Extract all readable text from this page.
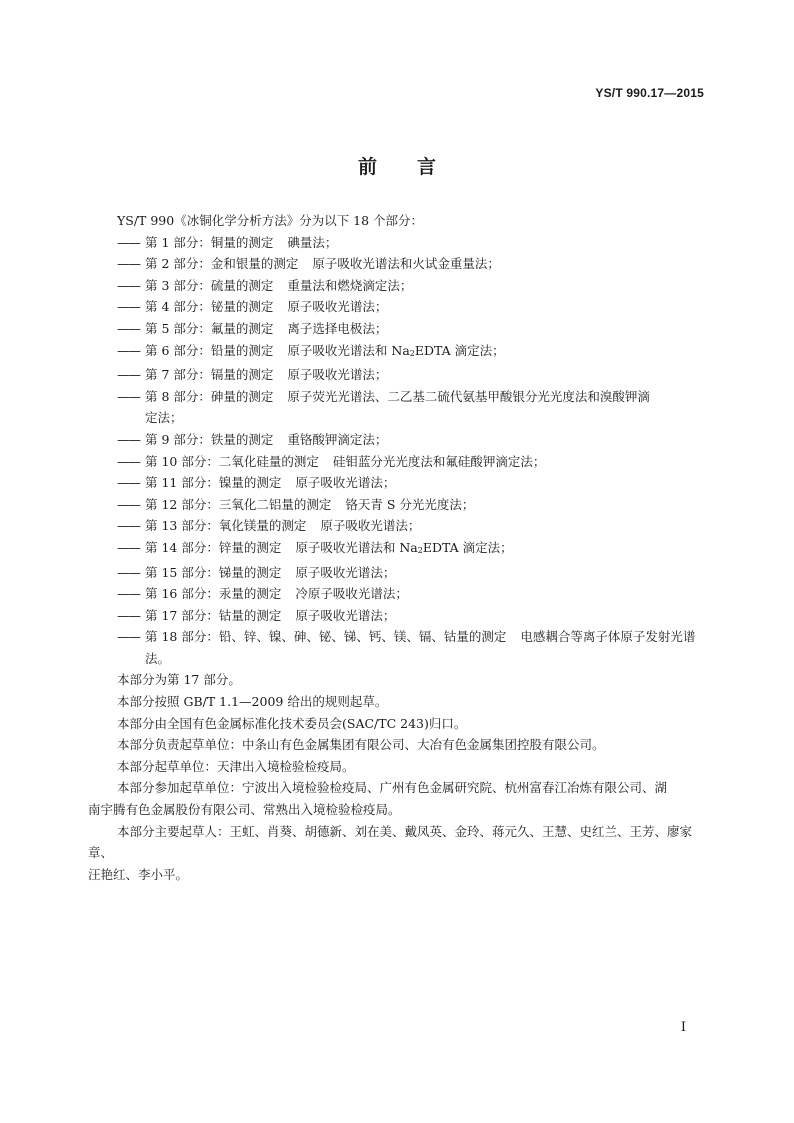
YS/T 990.17—2015
前 言

YS/T 990《冰铜化学分析方法》分为以下 18 个部分：

—— 第 1 部分：铜量的测定 碘量法；
—— 第 2 部分：金和银量的测定 原子吸收光谱法和火试金重量法；
—— 第 3 部分：硫量的测定 重量法和燃烧滴定法；
—— 第 4 部分：铋量的测定 原子吸收光谱法；
—— 第 5 部分：氟量的测定 离子选择电极法；
—— 第 6 部分：铅量的测定 原子吸收光谱法和 $Na_2EDTA$ 滴定法；
—— 第 7 部分：镉量的测定 原子吸收光谱法；
—— 第 8 部分：砷量的测定 原子荧光光谱法、二乙基二硫代氨基甲酸银分光光度法和溴酸钾滴
定法；
—— 第 9 部分：铁量的测定 重铬酸钾滴定法；
—— 第 10 部分：二氧化硅量的测定 硅钼蓝分光光度法和氟硅酸钾滴定法；
—— 第 11 部分：镍量的测定 原子吸收光谱法；
—— 第 12 部分：三氧化二铝量的测定 铬天青 S 分光光度法；
—— 第 13 部分：氧化镁量的测定 原子吸收光谱法；
—— 第 14 部分：锌量的测定 原子吸收光谱法和 $Na_2EDTA$ 滴定法；
—— 第 15 部分：锑量的测定 原子吸收光谱法；
—— 第 16 部分：汞量的测定 冷原子吸收光谱法；
—— 第 17 部分：钴量的测定 原子吸收光谱法；
—— 第 18 部分：铅、锌、镍、砷、铋、锑、钙、镁、镉、钴量的测定 电感耦合等离子体原子发射光谱法。

本部分为第 17 部分。

本部分按照 GB/T 1.1—2009 给出的规则起草。

本部分由全国有色金属标准化技术委员会(SAC/TC 243)归口。

本部分负责起草单位：中条山有色金属集团有限公司、大冶有色金属集团控股有限公司。

本部分起草单位：天津出入境检验检疫局。

本部分参加起草单位：宁波出入境检验检疫局、广州有色金属研究院、杭州富春江冶炼有限公司、湖

南宇腾有色金属股份有限公司、常熟出入境检验检疫局。

本部分主要起草人：王虹、肖葵、胡德新、刘在美、戴凤英、金玲、蒋元久、王慧、史红兰、王芳、廖家章、

汪艳红、李小平。

I
